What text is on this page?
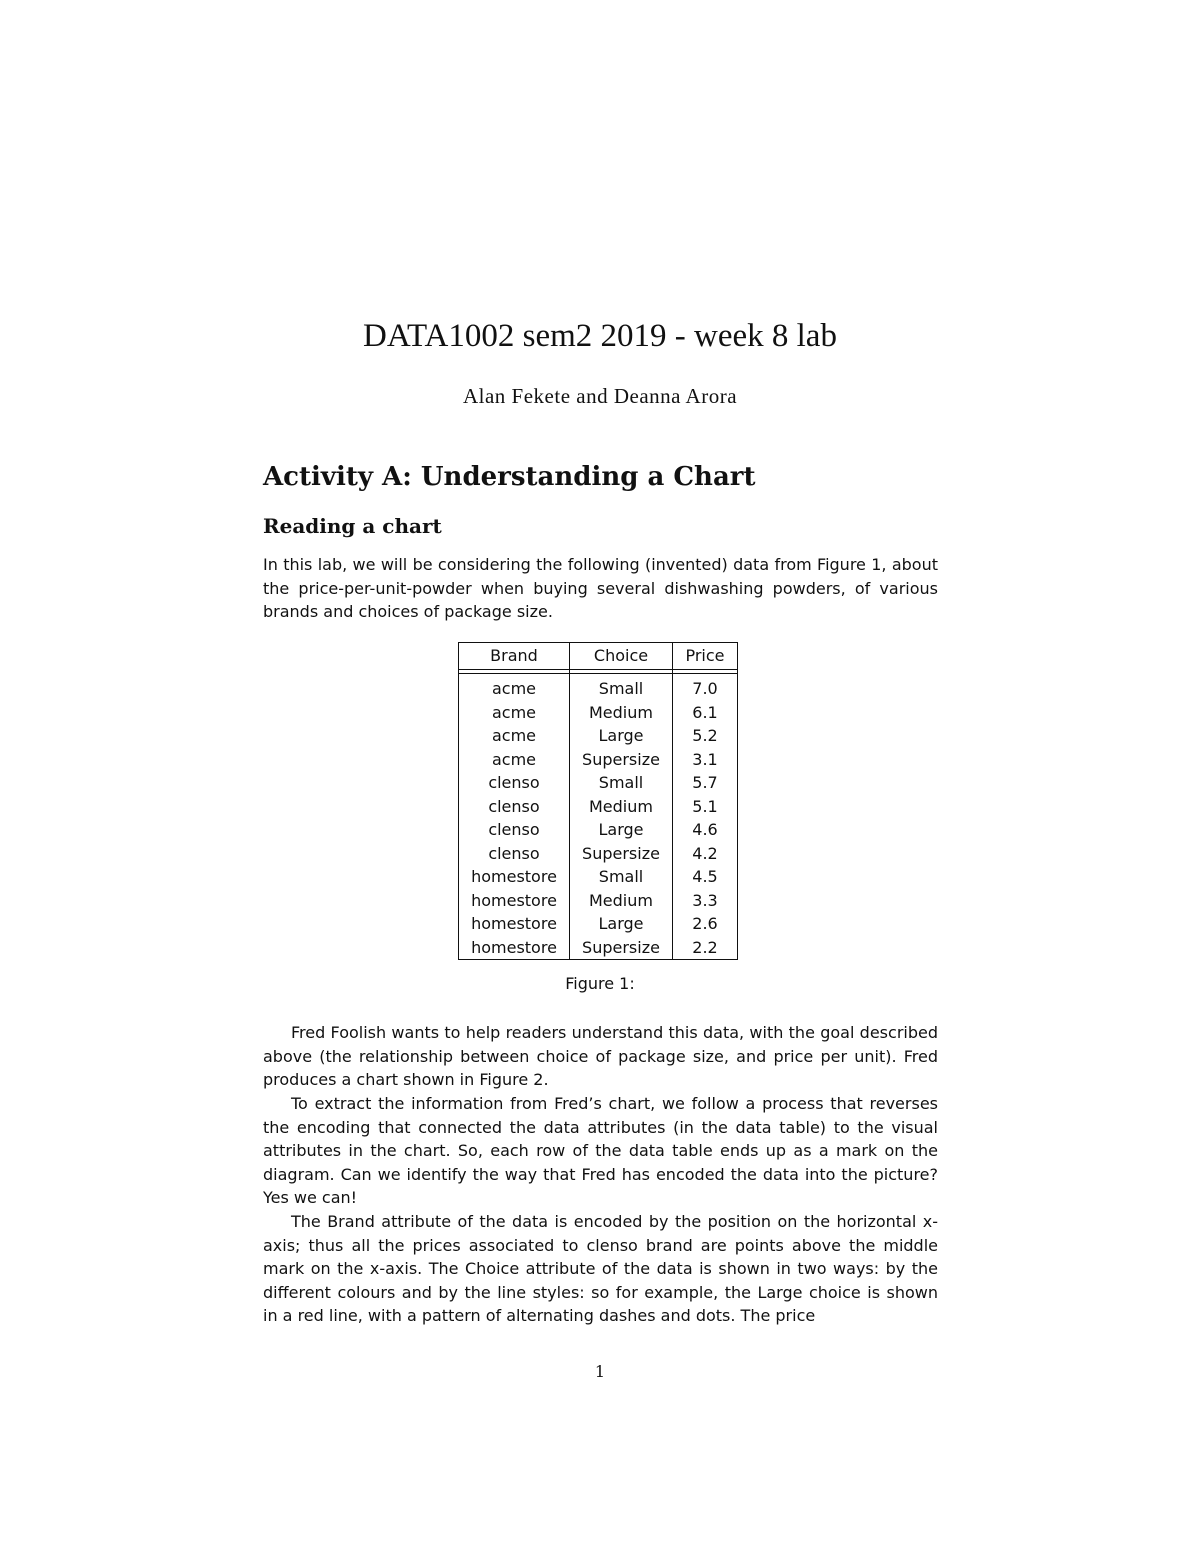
DATA1002 sem2 2019 - week 8 lab
Alan Fekete and Deanna Arora
Activity A: Understanding a Chart
Reading a chart

In this lab, we will be considering the following (invented) data from Figure 1, about the price-per-unit-powder when buying several dishwashing powders, of various brands and choices of package size.

Brand	Choice	Price

acme	Small	7.0
acme	Medium	6.1
acme	Large	5.2
acme	Supersize	3.1
clenso	Small	5.7
clenso	Medium	5.1
clenso	Large	4.6
clenso	Supersize	4.2
homestore	Small	4.5
homestore	Medium	3.3
homestore	Large	2.6
homestore	Supersize	2.2
Figure 1:

Fred Foolish wants to help readers understand this data, with the goal described above (the relationship between choice of package size, and price per unit). Fred produces a chart shown in Figure 2.

To extract the information from Fred’s chart, we follow a process that reverses the encoding that connected the data attributes (in the data table) to the visual attributes in the chart. So, each row of the data table ends up as a mark on the diagram. Can we identify the way that Fred has encoded the data into the picture? Yes we can!

The Brand attribute of the data is encoded by the position on the horizontal x-axis; thus all the prices associated to clenso brand are points above the middle mark on the x-axis. The Choice attribute of the data is shown in two ways: by the different colours and by the line styles: so for example, the Large choice is shown in a red line, with a pattern of alternating dashes and dots. The price

1
